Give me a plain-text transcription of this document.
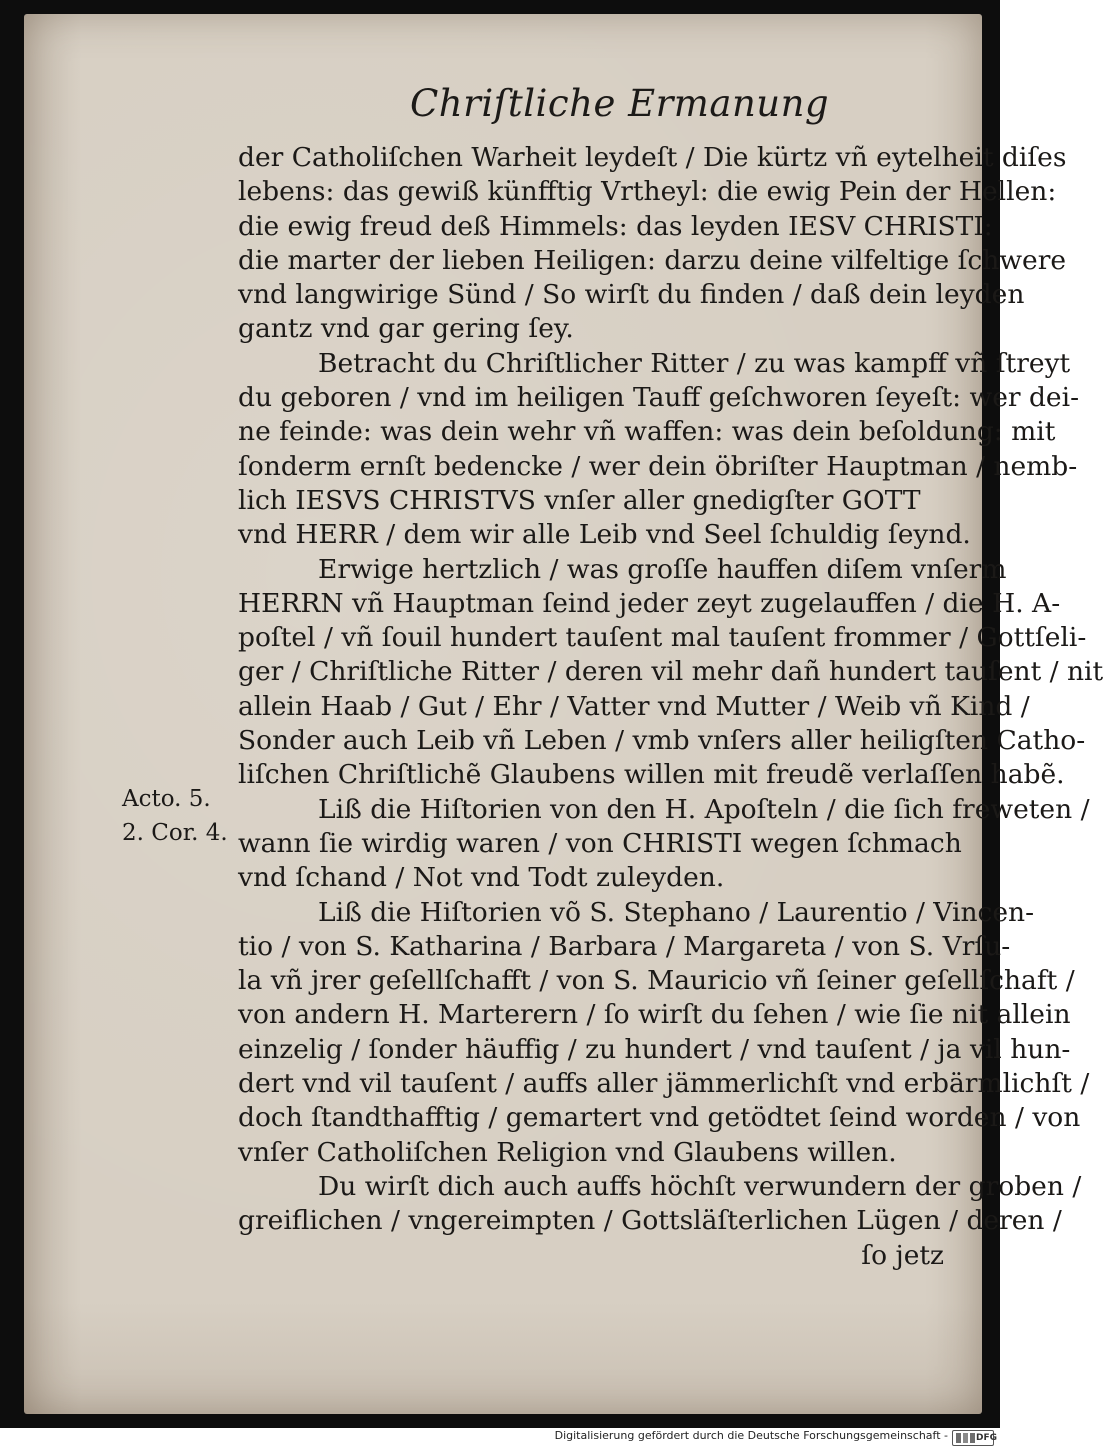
Chriſtliche Ermanung
der Catholiſchen Warheit leydeſt / Die kürtz vñ eytelheit diſes
lebens: das gewiß künfftig Vrtheyl: die ewig Pein der Hellen:
die ewig freud deß Himmels: das leyden IESV CHRISTI:
die marter der lieben Heiligen: darzu deine vilfeltige ſchwere
vnd langwirige Sünd / So wirſt du finden / daß dein leyden
gantz vnd gar gering ſey.
Betracht du Chriſtlicher Ritter / zu was kampff vñ ſtreyt
du geboren / vnd im heiligen Tauff geſchworen ſeyeſt: wer dei-
ne feinde: was dein wehr vñ waffen: was dein beſoldung: mit
ſonderm ernſt bedencke / wer dein öbriſter Hauptman / nemb-
lich IESVS CHRISTVS vnſer aller gnedigſter GOTT
vnd HERR / dem wir alle Leib vnd Seel ſchuldig ſeynd.
Erwige hertzlich / was groſſe hauffen diſem vnſerm
HERRN vñ Hauptman ſeind jeder zeyt zugelauffen / die H. A-
poſtel / vñ ſouil hundert tauſent mal tauſent frommer / Gottſeli-
ger / Chriſtliche Ritter / deren vil mehr dañ hundert tauſent / nit
allein Haab / Gut / Ehr / Vatter vnd Mutter / Weib vñ Kind /
Sonder auch Leib vñ Leben / vmb vnſers aller heiligſten Catho-
liſchen Chriſtlichẽ Glaubens willen mit freudẽ verlaſſen habẽ.
Liß die Hiſtorien von den H. Apoſteln / die ſich freweten /
wann ſie wirdig waren / von CHRISTI wegen ſchmach
vnd ſchand / Not vnd Todt zuleyden.
Liß die Hiſtorien võ S. Stephano / Laurentio / Vincen-
tio / von S. Katharina / Barbara / Margareta / von S. Vrſu-
la vñ jrer geſellſchafft / von S. Mauricio vñ ſeiner geſellſchaft /
von andern H. Marterern / ſo wirſt du ſehen / wie ſie nit allein
einzelig / ſonder häuffig / zu hundert / vnd tauſent / ja vil hun-
dert vnd vil tauſent / auffs aller jämmerlichſt vnd erbärmlichſt /
doch ſtandthafftig / gemartert vnd getödtet ſeind worden / von
vnſer Catholiſchen Religion vnd Glaubens willen.
Du wirſt dich auch auffs höchſt verwundern der groben /
greiflichen / vngereimpten / Gottsläſterlichen Lügen / deren /
ſo jetz
Acto. 5.
2. Cor. 4.
Digitalisierung gefördert durch die Deutsche Forschungsgemeinschaft -	DFG
